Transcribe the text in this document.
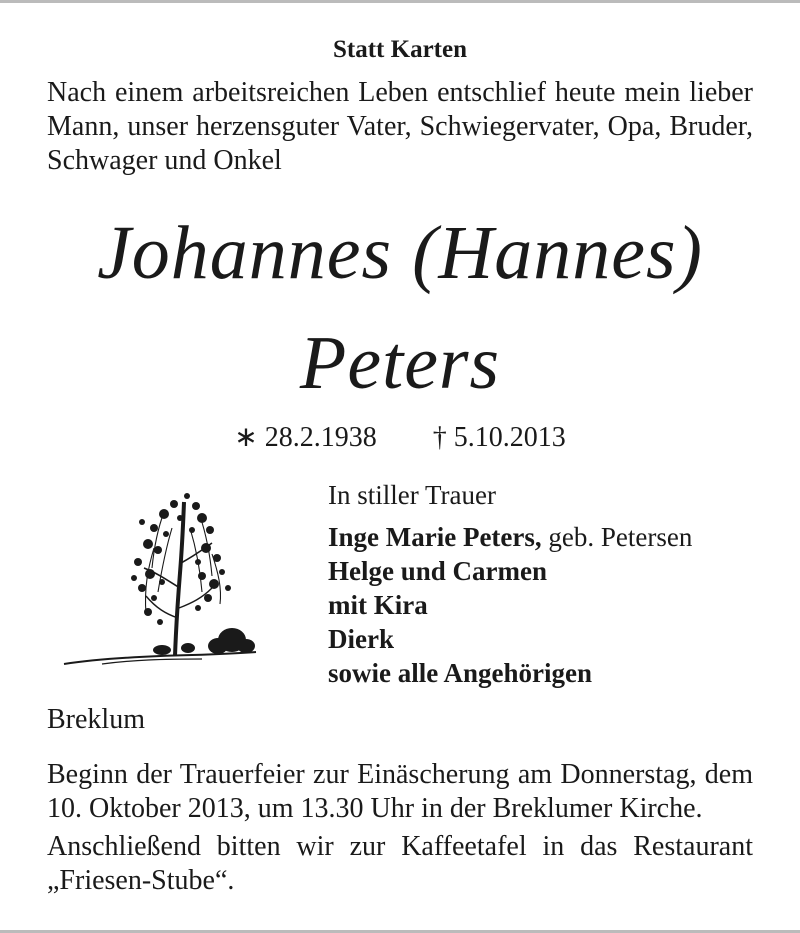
Statt Karten
Nach einem arbeitsreichen Leben entschlief heute mein lieber Mann, unser herzensguter Vater, Schwiegervater, Opa, Bruder, Schwager und Onkel
Johannes (Hannes)
Peters
∗ 28.2.1938 † 5.10.2013
In stiller Trauer
Inge Marie Peters, geb. Petersen
Helge und Carmen
mit Kira
Dierk
sowie alle Angehörigen
Breklum
Beginn der Trauerfeier zur Einäscherung am Donnerstag, dem 10. Oktober 2013, um 13.30 Uhr in der Breklumer Kirche.
Anschließend bitten wir zur Kaffeetafel in das Restaurant „Friesen-Stube“.
